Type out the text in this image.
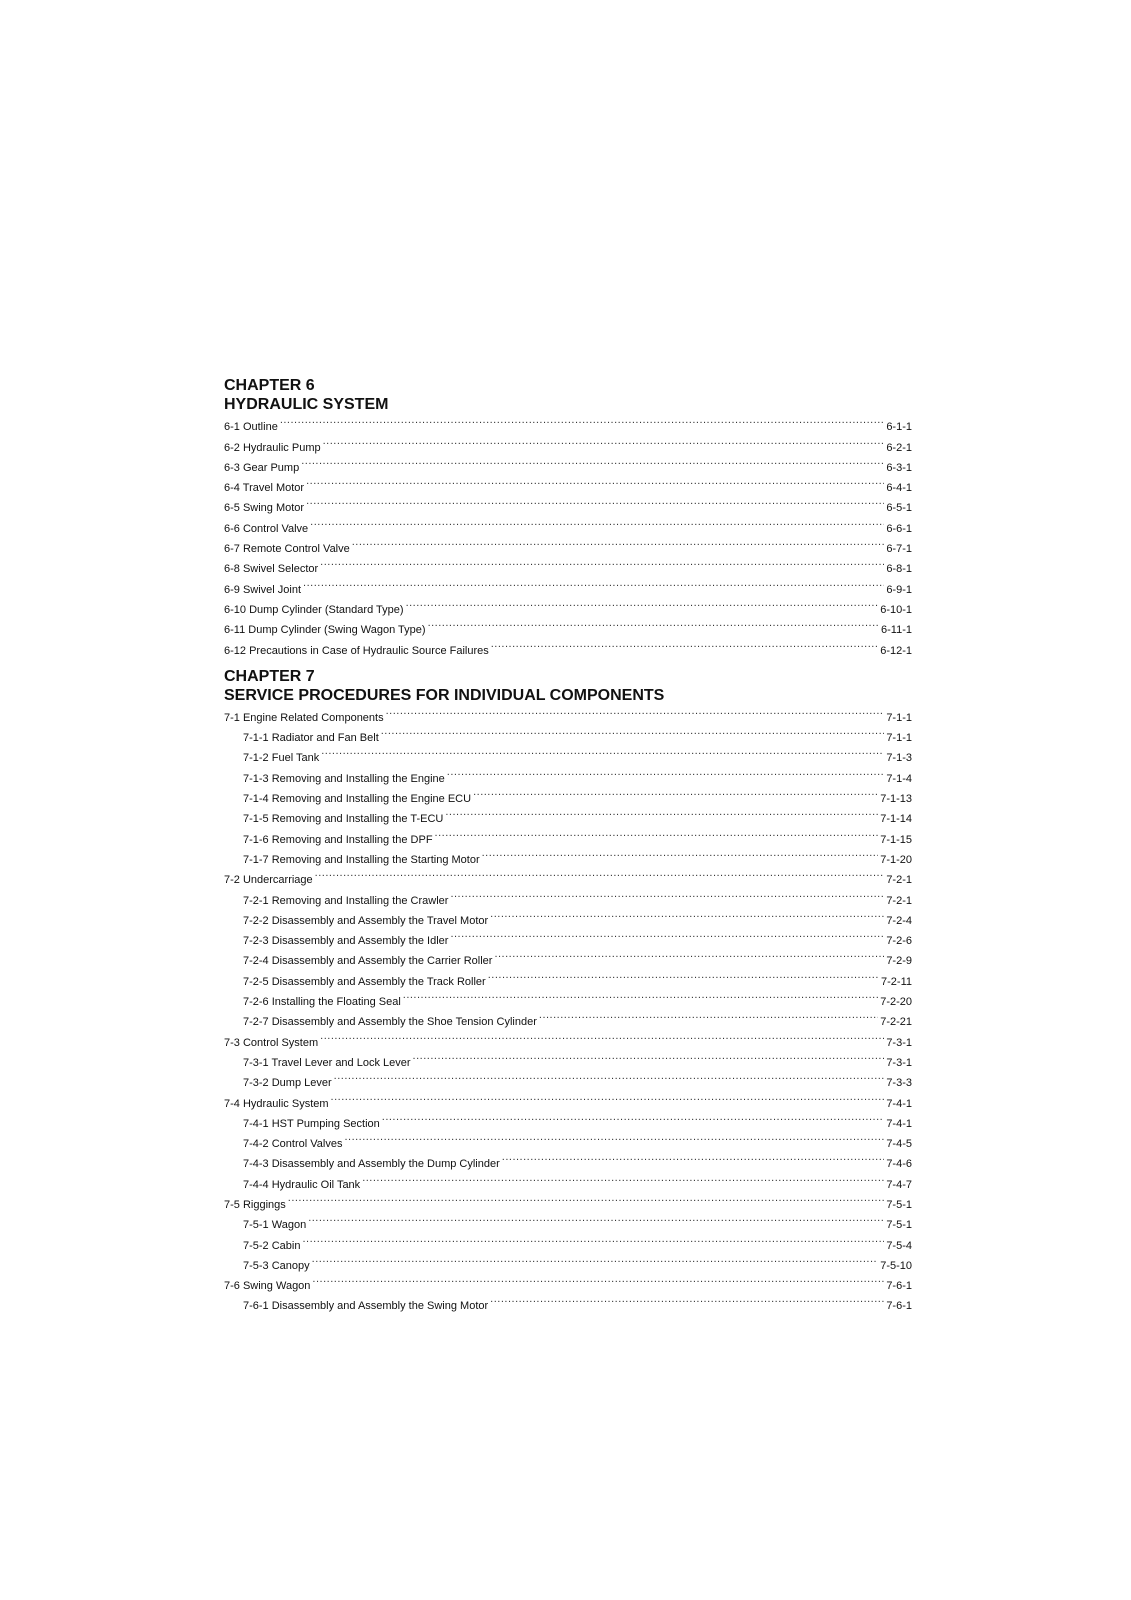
CHAPTER 6
HYDRAULIC SYSTEM
6-1 Outline .....	6-1-1
6-2 Hydraulic Pump .....	6-2-1
6-3 Gear Pump .....	6-3-1
6-4 Travel Motor .....	6-4-1
6-5 Swing Motor .....	6-5-1
6-6 Control Valve .....	6-6-1
6-7 Remote Control Valve .....	6-7-1
6-8 Swivel Selector .....	6-8-1
6-9 Swivel Joint .....	6-9-1
6-10 Dump Cylinder (Standard Type) .....	6-10-1
6-11 Dump Cylinder (Swing Wagon Type) .....	6-11-1
6-12 Precautions in Case of Hydraulic Source Failures .....	6-12-1
CHAPTER 7
SERVICE PROCEDURES FOR INDIVIDUAL COMPONENTS
7-1 Engine Related Components .....	7-1-1
7-1-1 Radiator and Fan Belt .....	7-1-1
7-1-2 Fuel Tank .....	7-1-3
7-1-3 Removing and Installing the Engine .....	7-1-4
7-1-4 Removing and Installing the Engine ECU .....	7-1-13
7-1-5 Removing and Installing the T-ECU .....	7-1-14
7-1-6 Removing and Installing the DPF .....	7-1-15
7-1-7 Removing and Installing the Starting Motor .....	7-1-20
7-2 Undercarriage .....	7-2-1
7-2-1 Removing and Installing the Crawler .....	7-2-1
7-2-2 Disassembly and Assembly the Travel Motor .....	7-2-4
7-2-3 Disassembly and Assembly the Idler .....	7-2-6
7-2-4 Disassembly and Assembly the Carrier Roller .....	7-2-9
7-2-5 Disassembly and Assembly the Track Roller .....	7-2-11
7-2-6 Installing the Floating Seal .....	7-2-20
7-2-7 Disassembly and Assembly the Shoe Tension Cylinder .....	7-2-21
7-3 Control System .....	7-3-1
7-3-1 Travel Lever and Lock Lever .....	7-3-1
7-3-2 Dump Lever .....	7-3-3
7-4 Hydraulic System .....	7-4-1
7-4-1 HST Pumping Section .....	7-4-1
7-4-2 Control Valves .....	7-4-5
7-4-3 Disassembly and Assembly the Dump Cylinder .....	7-4-6
7-4-4 Hydraulic Oil Tank .....	7-4-7
7-5 Riggings .....	7-5-1
7-5-1 Wagon .....	7-5-1
7-5-2 Cabin .....	7-5-4
7-5-3 Canopy .....	7-5-10
7-6 Swing Wagon .....	7-6-1
7-6-1 Disassembly and Assembly the Swing Motor .....	7-6-1
